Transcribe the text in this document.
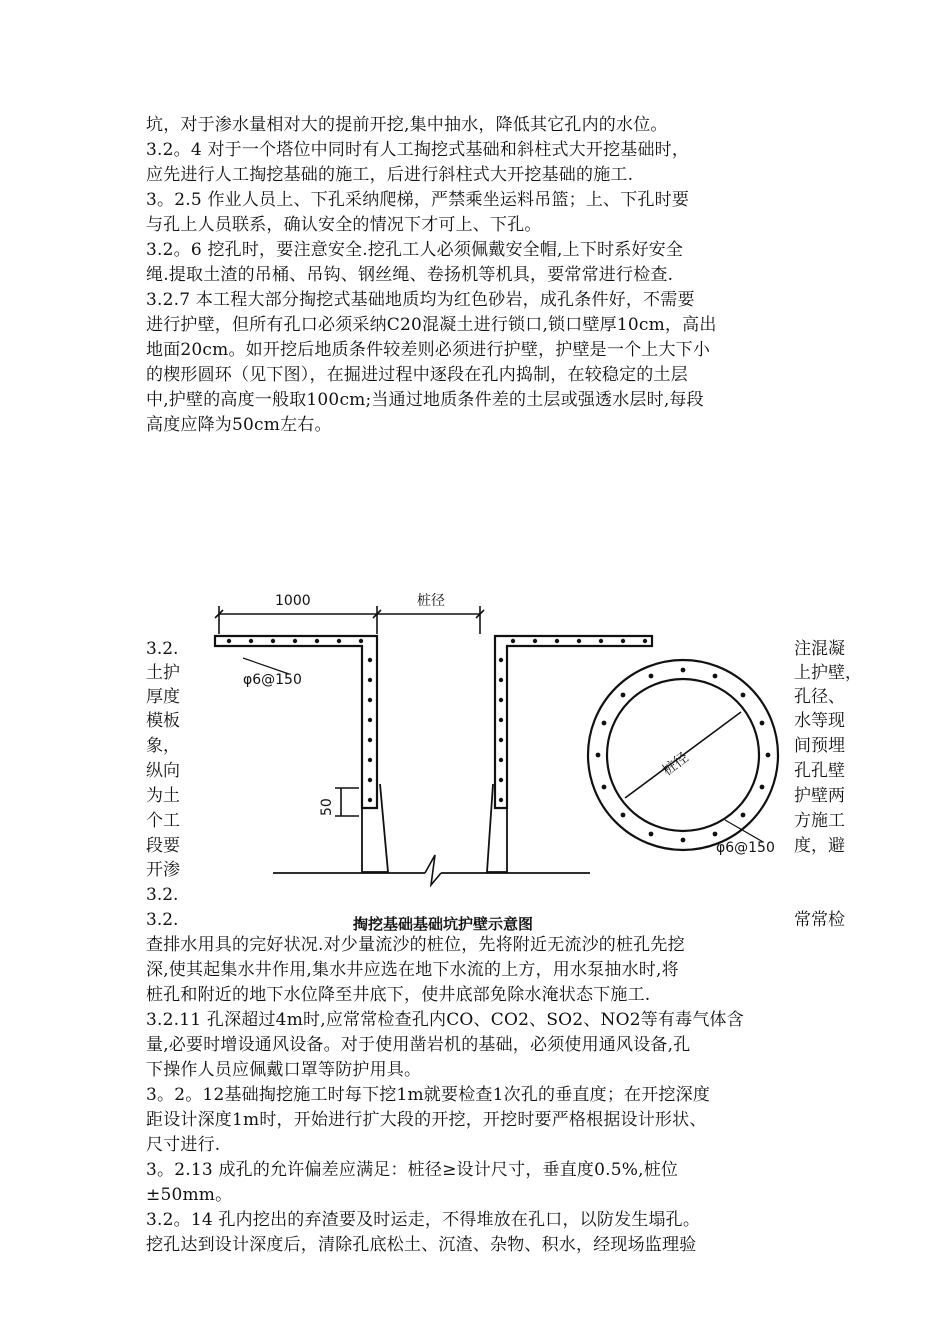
坑，对于渗水量相对大的提前开挖,集中抽水，降低其它孔内的水位。
3.2。4 对于一个塔位中同时有人工掏挖式基础和斜柱式大开挖基础时，
应先进行人工掏挖基础的施工，后进行斜柱式大开挖基础的施工.
3。2.5 作业人员上、下孔采纳爬梯，严禁乘坐运料吊篮；上、下孔时要
与孔上人员联系，确认安全的情况下才可上、下孔。
3.2。6 挖孔时，要注意安全.挖孔工人必须佩戴安全帽,上下时系好安全
绳.提取土渣的吊桶、吊钩、钢丝绳、卷扬机等机具，要常常进行检查.
3.2.7 本工程大部分掏挖式基础地质均为红色砂岩，成孔条件好，不需要
进行护壁，但所有孔口必须采纳C20混凝土进行锁口,锁口壁厚10cm，高出
地面20cm。如开挖后地质条件较差则必须进行护壁，护壁是一个上大下小
的楔形圆环（见下图），在掘进过程中逐段在孔内捣制，在较稳定的土层
中,护壁的高度一般取100cm;当通过地质条件差的土层或强透水层时,每段
高度应降为50cm左右。
3.2.
土护
厚度
模板
象，
纵向
为土
个工
段要
开渗
3.2.
3.2.
注混凝
上护壁，
孔径、
水等现
间预埋
孔孔壁
护壁两
方施工
度，避
常常检
1000	桩径
φ6@150
50
桩径
φ6@150
掏挖基础基础坑护壁示意图
查排水用具的完好状况.对少量流沙的桩位，先将附近无流沙的桩孔先挖
深,使其起集水井作用,集水井应选在地下水流的上方，用水泵抽水时,将
桩孔和附近的地下水位降至井底下，使井底部免除水淹状态下施工.
3.2.11 孔深超过4m时,应常常检查孔内CO、CO2、SO2、NO2等有毒气体含
量,必要时增设通风设备。对于使用凿岩机的基础，必须使用通风设备,孔
下操作人员应佩戴口罩等防护用具。
3。2。12基础掏挖施工时每下挖1m就要检查1次孔的垂直度；在开挖深度
距设计深度1m时，开始进行扩大段的开挖，开挖时要严格根据设计形状、
尺寸进行.
3。2.13 成孔的允许偏差应满足：桩径≥设计尺寸，垂直度0.5%,桩位
±50mm。
3.2。14 孔内挖出的弃渣要及时运走，不得堆放在孔口，以防发生塌孔。
挖孔达到设计深度后，清除孔底松土、沉渣、杂物、积水，经现场监理验
